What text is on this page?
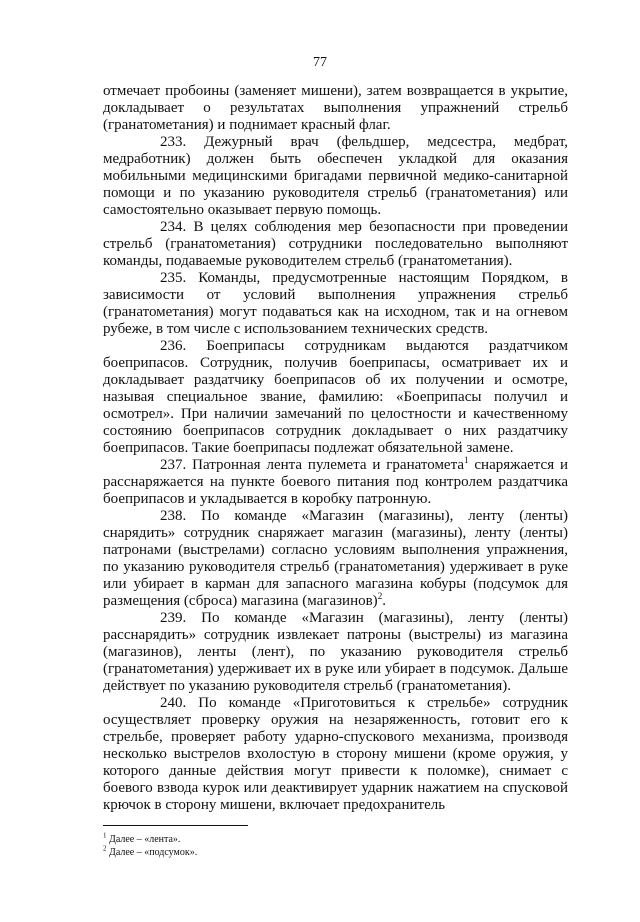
77

отмечает пробоины (заменяет мишени), затем возвращается в укрытие, докладывает о результатах выполнения упражнений стрельб (гранатометания) и поднимает красный флаг.

233. Дежурный врач (фельдшер, медсестра, медбрат, медработник) должен быть обеспечен укладкой для оказания мобильными медицинскими бригадами первичной медико-санитарной помощи и по указанию руководителя стрельб (гранатометания) или самостоятельно оказывает первую помощь.

234. В целях соблюдения мер безопасности при проведении стрельб (гранатометания) сотрудники последовательно выполняют команды, подаваемые руководителем стрельб (гранатометания).

235. Команды, предусмотренные настоящим Порядком, в зависимости от условий выполнения упражнения стрельб (гранатометания) могут подаваться как на исходном, так и на огневом рубеже, в том числе с использованием технических средств.

236. Боеприпасы сотрудникам выдаются раздатчиком боеприпасов. Сотрудник, получив боеприпасы, осматривает их и докладывает раздатчику боеприпасов об их получении и осмотре, называя специальное звание, фамилию: «Боеприпасы получил и осмотрел». При наличии замечаний по целостности и качественному состоянию боеприпасов сотрудник докладывает о них раздатчику боеприпасов. Такие боеприпасы подлежат обязательной замене.

237. Патронная лента пулемета и гранатомета$^1$ снаряжается и расснаряжается на пункте боевого питания под контролем раздатчика боеприпасов и укладывается в коробку патронную.

238. По команде «Магазин (магазины), ленту (ленты) снарядить» сотрудник снаряжает магазин (магазины), ленту (ленты) патронами (выстрелами) согласно условиям выполнения упражнения, по указанию руководителя стрельб (гранатометания) удерживает в руке или убирает в карман для запасного магазина кобуры (подсумок для размещения (сброса) магазина (магазинов)$^2$.

239. По команде «Магазин (магазины), ленту (ленты) расснарядить» сотрудник извлекает патроны (выстрелы) из магазина (магазинов), ленты (лент), по указанию руководителя стрельб (гранатометания) удерживает их в руке или убирает в подсумок. Дальше действует по указанию руководителя стрельб (гранатометания).

240. По команде «Приготовиться к стрельбе» сотрудник осуществляет проверку оружия на незаряженность, готовит его к стрельбе, проверяет работу ударно-спускового механизма, производя несколько выстрелов вхолостую в сторону мишени (кроме оружия, у которого данные действия могут привести к поломке), снимает с боевого взвода курок или деактивирует ударник нажатием на спусковой крючок в сторону мишени, включает предохранитель

$^1$ Далее – «лента».
$^2$ Далее – «подсумок».
